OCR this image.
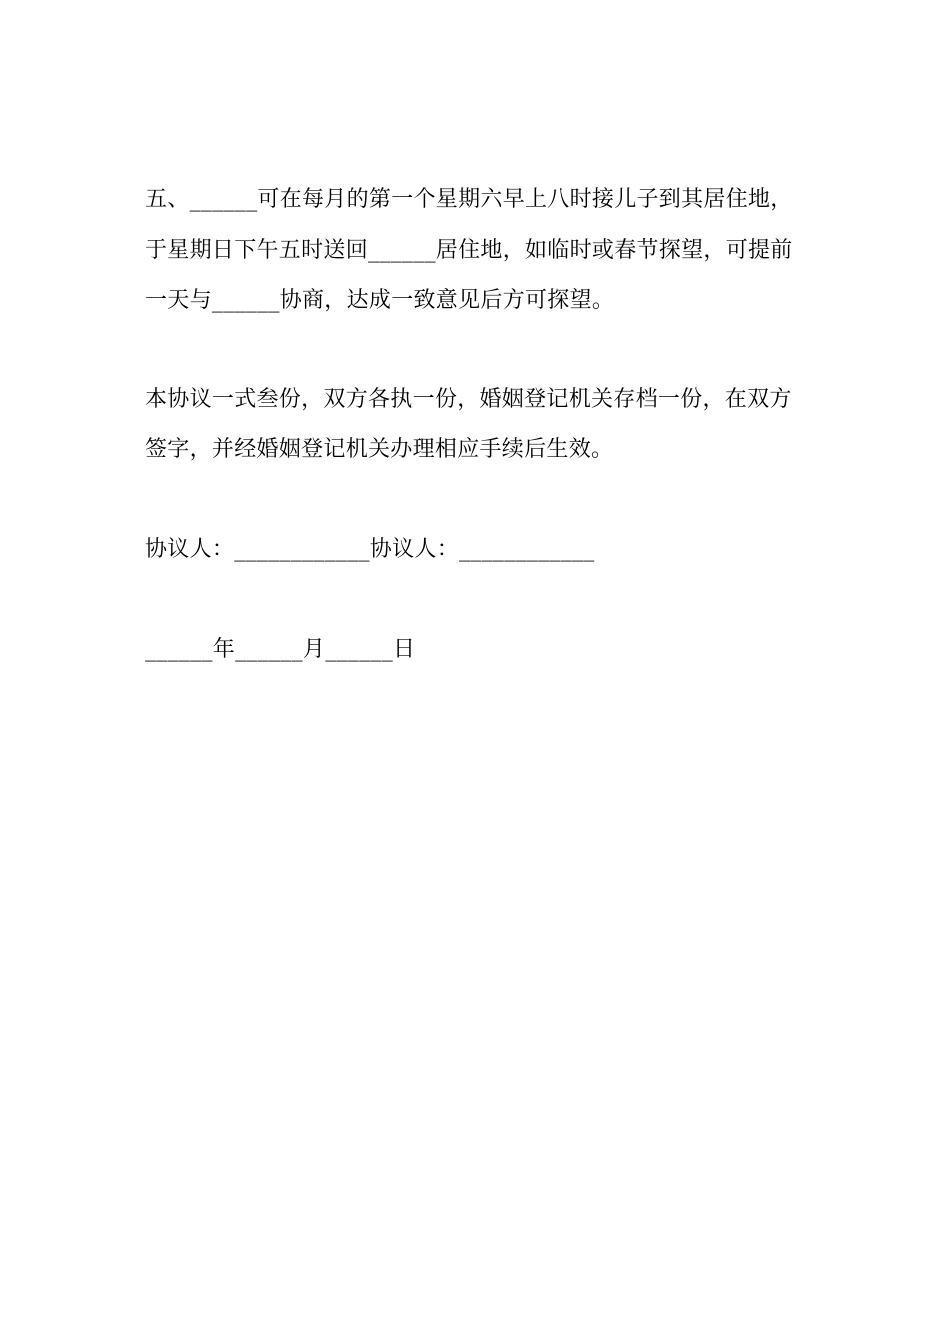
五、______可在每月的第一个星期六早上八时接儿子到其居住地，
于星期日下午五时送回______居住地，如临时或春节探望，可提前
一天与______协商，达成一致意见后方可探望。
本协议一式叁份，双方各执一份，婚姻登记机关存档一份，在双方
签字，并经婚姻登记机关办理相应手续后生效。
协议人：____________协议人：____________
______年______月______日
